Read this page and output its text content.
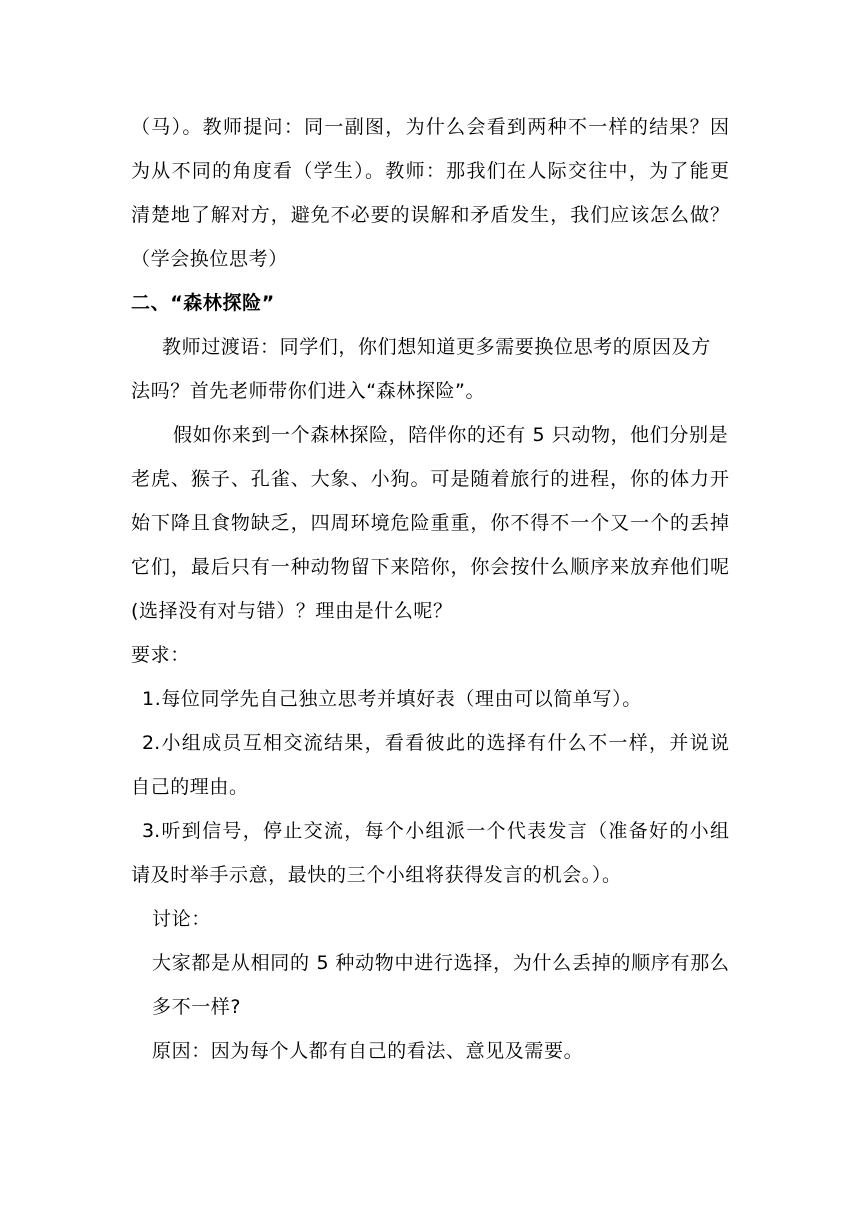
（马）。教师提问：同一副图，为什么会看到两种不一样的结果？因
为从不同的角度看（学生）。教师：那我们在人际交往中，为了能更
清楚地了解对方，避免不必要的误解和矛盾发生，我们应该怎么做？
（学会换位思考）
二、“森林探险”
教师过渡语：同学们，你们想知道更多需要换位思考的原因及方
法吗？首先老师带你们进入“森林探险”。
假如你来到一个森林探险，陪伴你的还有 5 只动物，他们分别是
老虎、猴子、孔雀、大象、小狗。可是随着旅行的进程，你的体力开
始下降且食物缺乏，四周环境危险重重，你不得不一个又一个的丢掉
它们，最后只有一种动物留下来陪你，你会按什么顺序来放弃他们呢
(选择没有对与错）？理由是什么呢？
要求：
1.每位同学先自己独立思考并填好表（理由可以简单写）。
2.小组成员互相交流结果，看看彼此的选择有什么不一样，并说说
自己的理由。
3.听到信号，停止交流，每个小组派一个代表发言（准备好的小组
请及时举手示意，最快的三个小组将获得发言的机会。）。
讨论：
大家都是从相同的 5 种动物中进行选择，为什么丢掉的顺序有那么
多不一样?
原因：因为每个人都有自己的看法、意见及需要。
